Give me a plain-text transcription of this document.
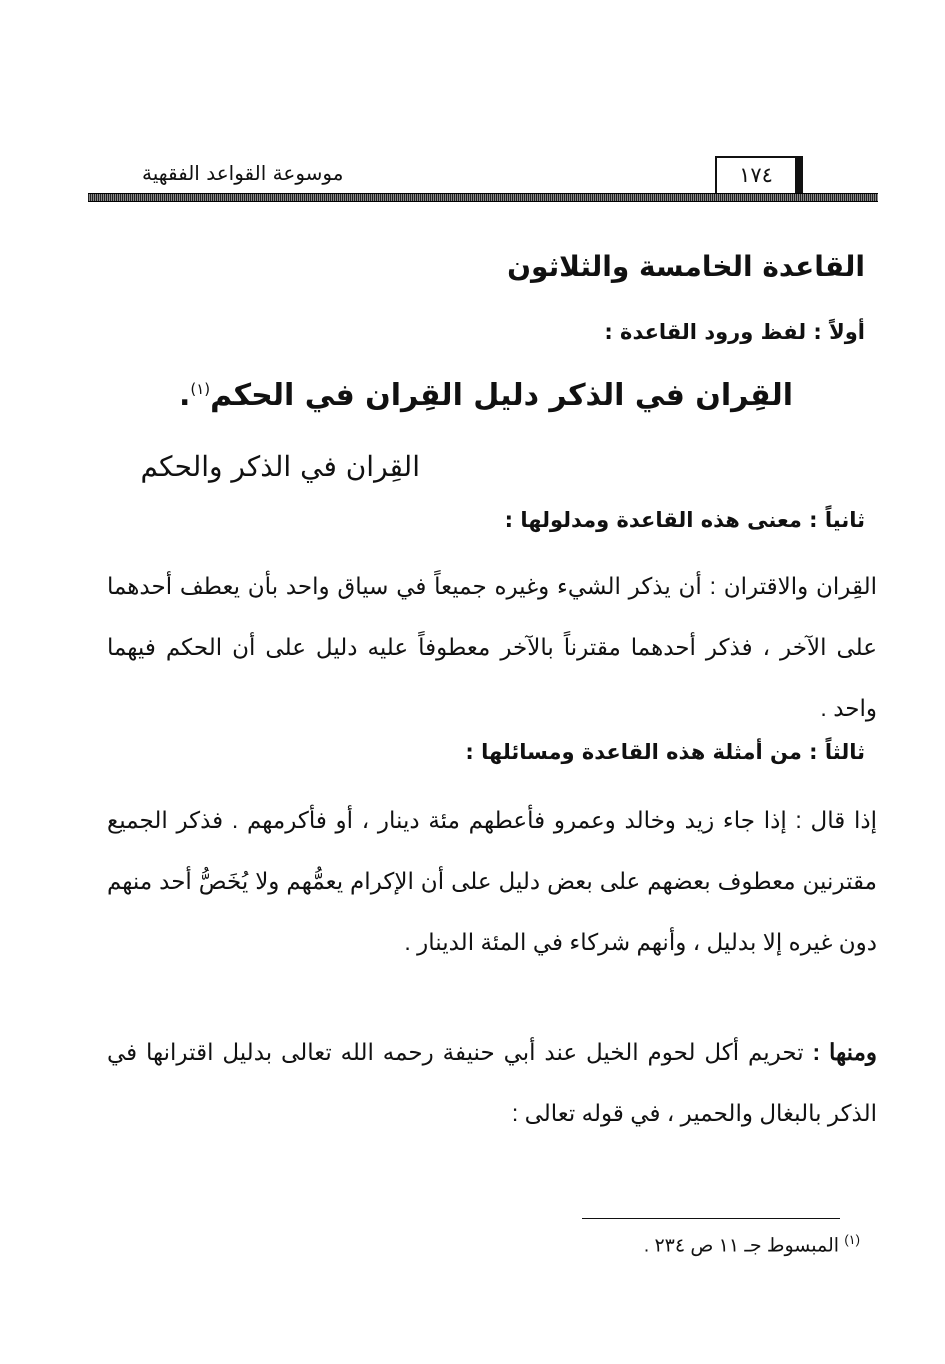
١٧٤
موسوعة القواعد الفقهية
القاعدة الخامسة والثلاثون
أولاً : لفظ ورود القاعدة :
القِران في الذكر دليل القِران في الحكم$^{(١)}$.
القِران في الذكر والحكم
ثانياً : معنى هذه القاعدة ومدلولها :
القِران والاقتران : أن يذكر الشيء وغيره جميعاً في سياق واحد بأن يعطف أحدهما على الآخر ، فذكر أحدهما مقترناً بالآخر معطوفاً عليه دليل على أن الحكم فيهما واحد .
ثالثاً : من أمثلة هذه القاعدة ومسائلها :
إذا قال : إذا جاء زيد وخالد وعمرو فأعطهم مئة دينار ، أو فأكرمهم . فذكر الجميع مقترنين معطوف بعضهم على بعض دليل على أن الإكرام يعمُّهم ولا يُخَصُّ أحد منهم دون غيره إلا بدليل ، وأنهم شركاء في المئة الدينار .
ومنها : تحريم أكل لحوم الخيل عند أبي حنيفة رحمه الله تعالى بدليل اقترانها في الذكر بالبغال والحمير ، في قوله تعالى :
$^{(١)}$ المبسوط جـ ١١ ص ٢٣٤ .
